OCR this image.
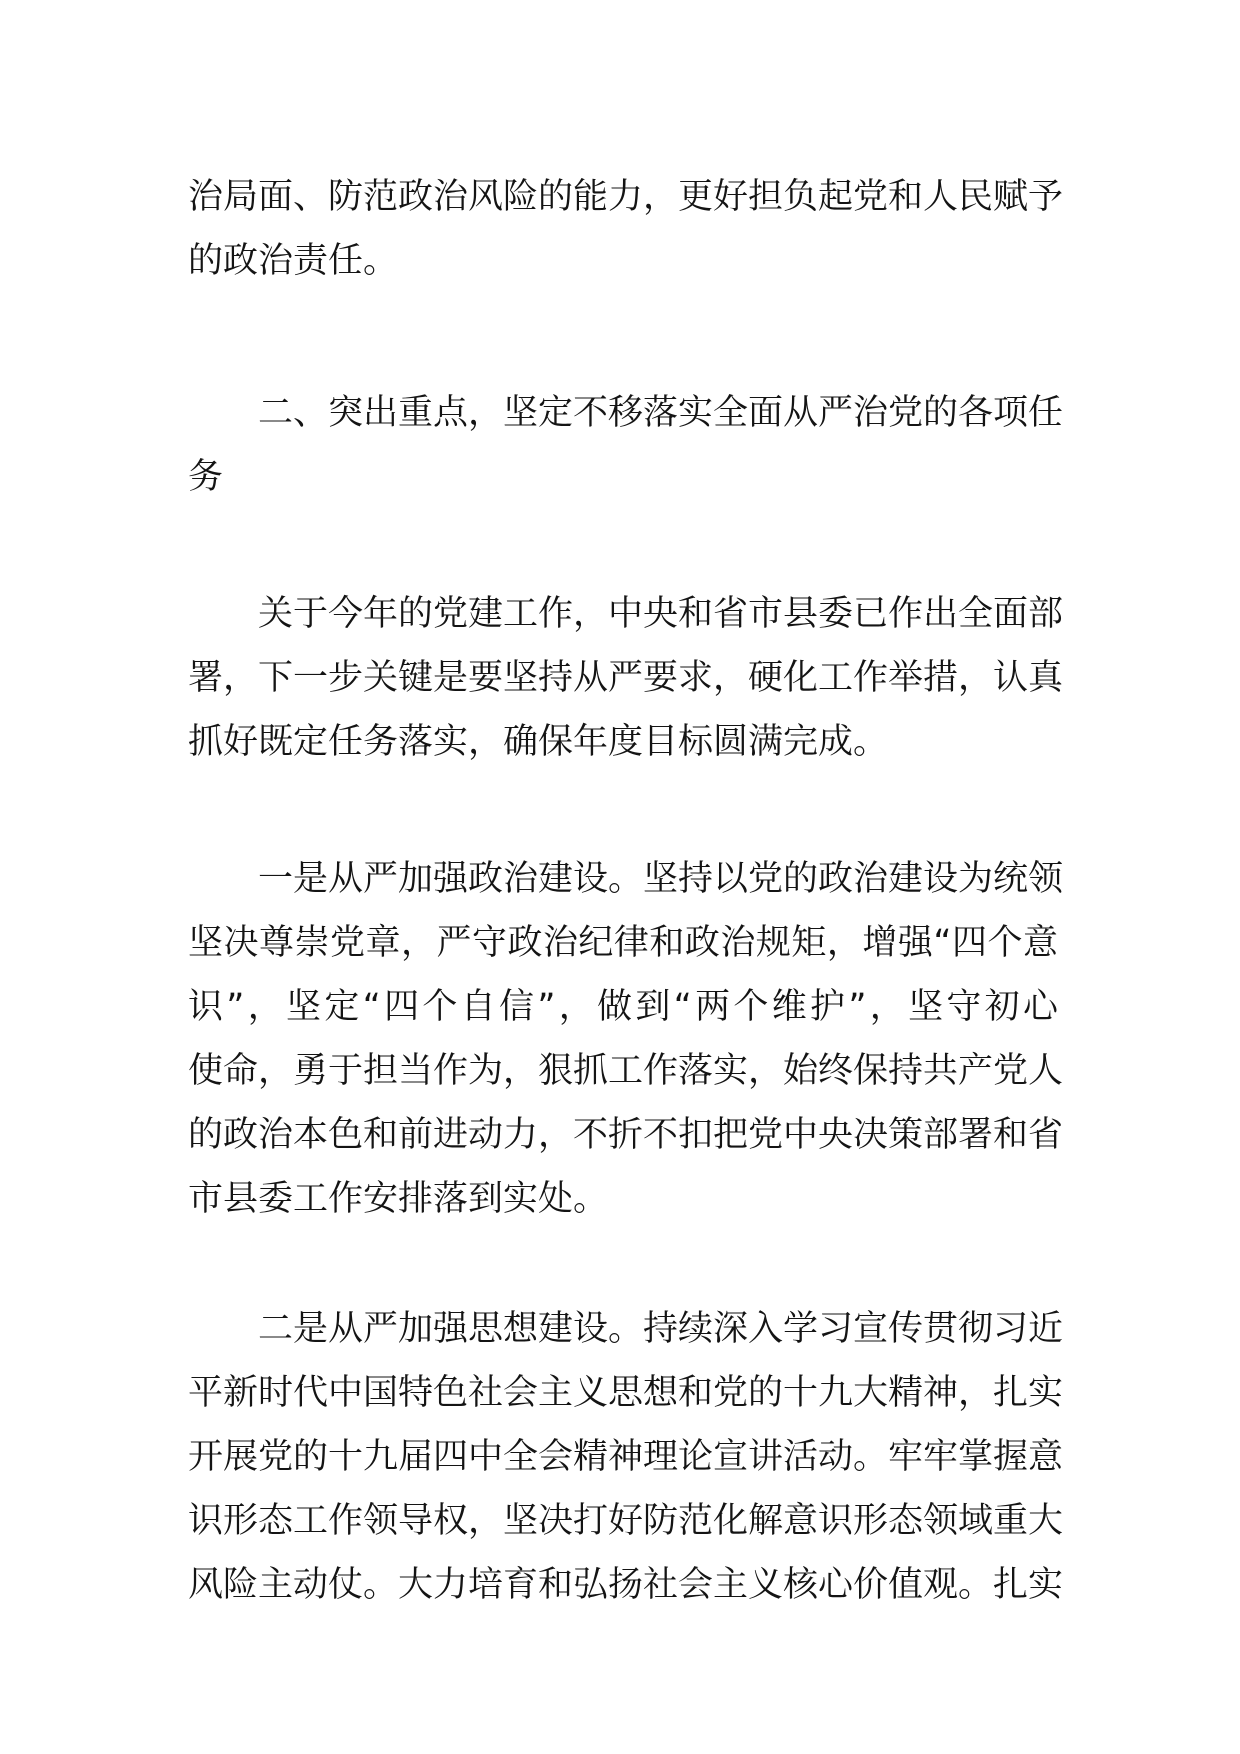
治局面、防范政治风险的能力，更好担负起党和人民赋予
的政治责任。
二、突出重点，坚定不移落实全面从严治党的各项任
务
关于今年的党建工作，中央和省市县委已作出全面部
署，下一步关键是要坚持从严要求，硬化工作举措，认真
抓好既定任务落实，确保年度目标圆满完成。
一是从严加强政治建设。坚持以党的政治建设为统领
坚决尊崇党章，严守政治纪律和政治规矩，增强“四个意
识”，坚定“四个自信”，做到“两个维护”，坚守初心
使命，勇于担当作为，狠抓工作落实，始终保持共产党人
的政治本色和前进动力，不折不扣把党中央决策部署和省
市县委工作安排落到实处。
二是从严加强思想建设。持续深入学习宣传贯彻习近
平新时代中国特色社会主义思想和党的十九大精神，扎实
开展党的十九届四中全会精神理论宣讲活动。牢牢掌握意
识形态工作领导权，坚决打好防范化解意识形态领域重大
风险主动仗。大力培育和弘扬社会主义核心价值观。扎实
